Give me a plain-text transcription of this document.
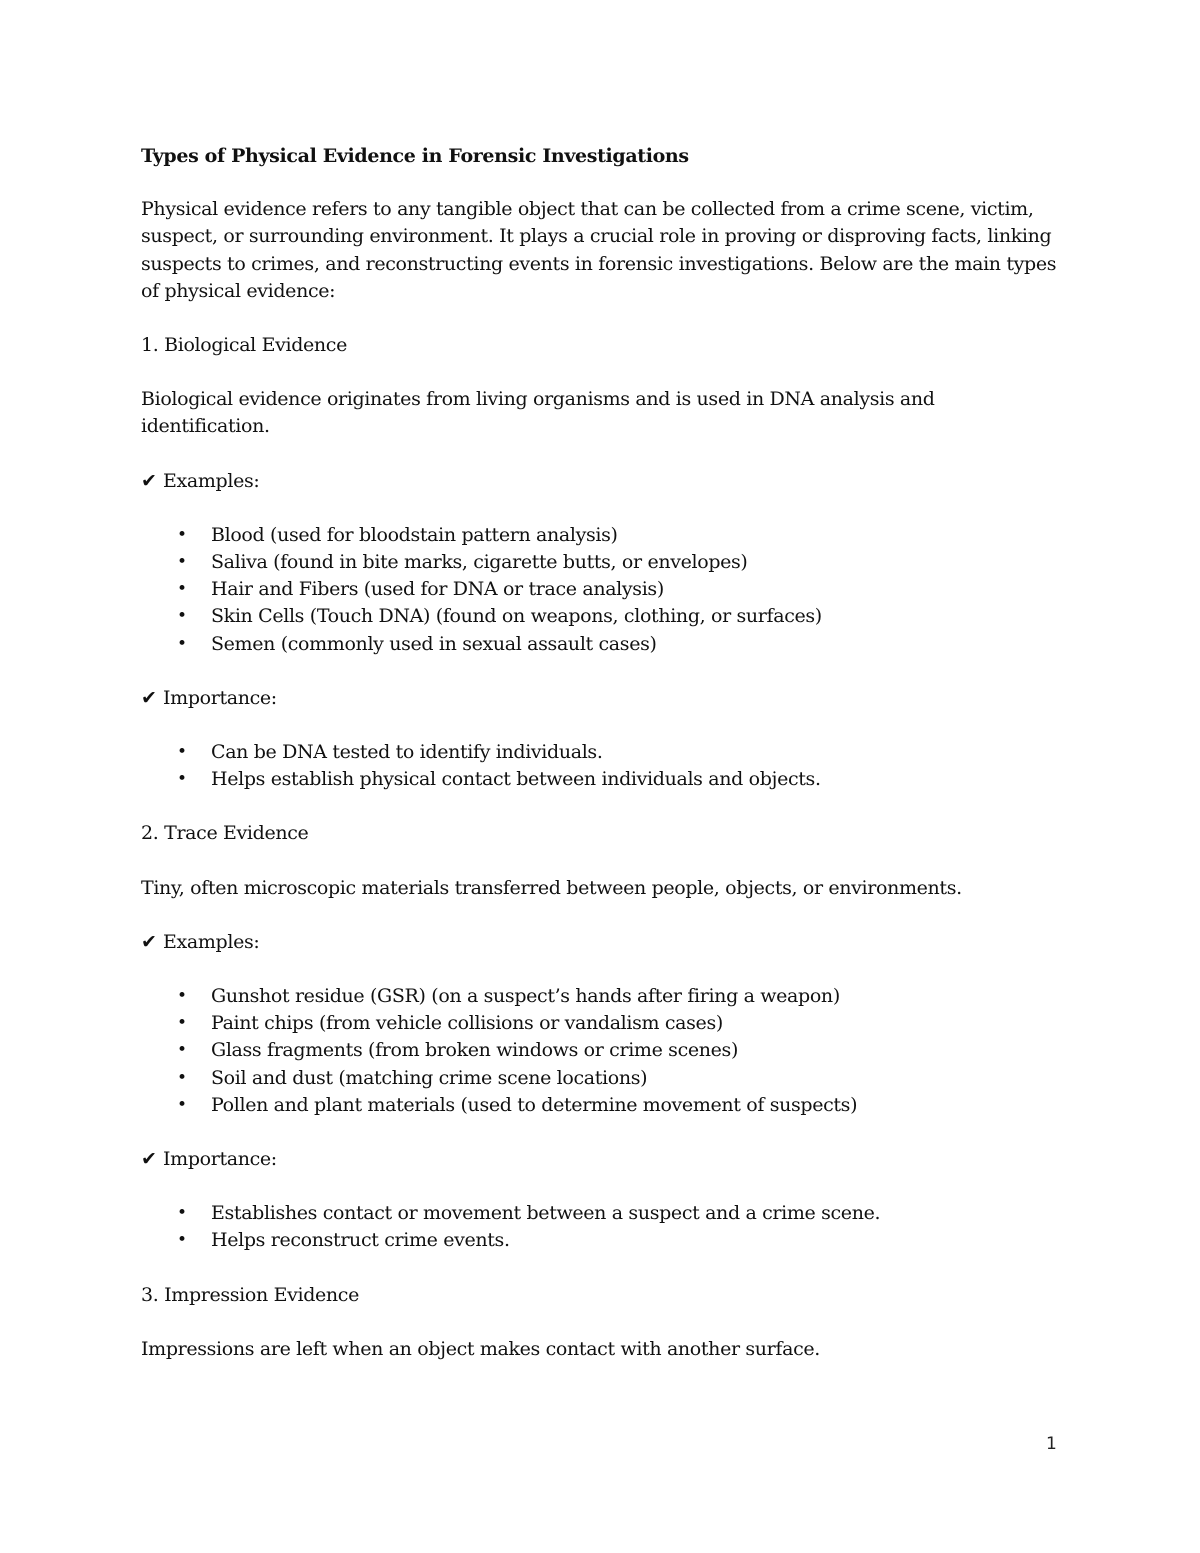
Types of Physical Evidence in Forensic Investigations
Physical evidence refers to any tangible object that can be collected from a crime scene, victim, suspect, or surrounding environment. It plays a crucial role in proving or disproving facts, linking suspects to crimes, and reconstructing events in forensic investigations. Below are the main types of physical evidence:
1. Biological Evidence
Biological evidence originates from living organisms and is used in DNA analysis and identification.
✔ Examples:
• Blood (used for bloodstain pattern analysis)
• Saliva (found in bite marks, cigarette butts, or envelopes)
• Hair and Fibers (used for DNA or trace analysis)
• Skin Cells (Touch DNA) (found on weapons, clothing, or surfaces)
• Semen (commonly used in sexual assault cases)
✔ Importance:
• Can be DNA tested to identify individuals.
• Helps establish physical contact between individuals and objects.
2. Trace Evidence
Tiny, often microscopic materials transferred between people, objects, or environments.
✔ Examples:
• Gunshot residue (GSR) (on a suspect’s hands after firing a weapon)
• Paint chips (from vehicle collisions or vandalism cases)
• Glass fragments (from broken windows or crime scenes)
• Soil and dust (matching crime scene locations)
• Pollen and plant materials (used to determine movement of suspects)
✔ Importance:
• Establishes contact or movement between a suspect and a crime scene.
• Helps reconstruct crime events.
3. Impression Evidence
Impressions are left when an object makes contact with another surface.
1
